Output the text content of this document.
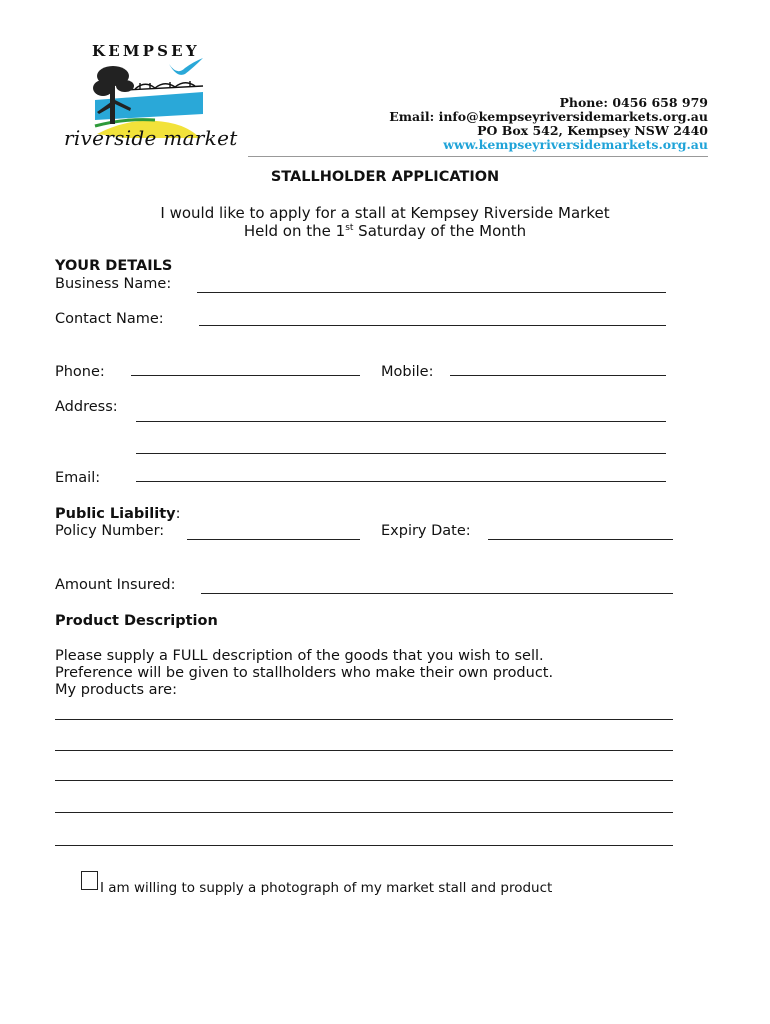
KEMPSEY
riverside market
Phone: 0456 658 979
Email: info@kempseyriversidemarkets.org.au
PO Box 542, Kempsey NSW 2440
www.kempseyriversidemarkets.org.au
STALLHOLDER APPLICATION
I would like to apply for a stall at Kempsey Riverside Market
Held on the 1st Saturday of the Month
YOUR DETAILS
Business Name:
Contact Name:
Phone:	Mobile:
Address:
Email:
Public Liability:
Policy Number:	Expiry Date:
Amount Insured:
Product Description
Please supply a FULL description of the goods that you wish to sell.
Preference will be given to stallholders who make their own product.
My products are:
I am willing to supply a photograph of my market stall and product
